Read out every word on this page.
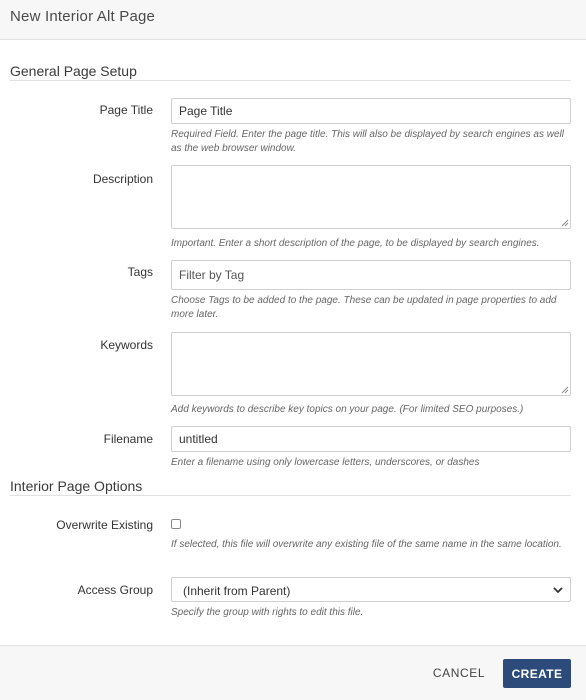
New Interior Alt Page
General Page Setup
Page Title
Page Title
Required Field. Enter the page title. This will also be displayed by search engines as well as the web browser window.
Description
Important. Enter a short description of the page, to be displayed by search engines.
Tags
Filter by Tag
Choose Tags to be added to the page. These can be updated in page properties to add more later.
Keywords
Add keywords to describe key topics on your page. (For limited SEO purposes.)
Filename
untitled
Enter a filename using only lowercase letters, underscores, or dashes
Interior Page Options
Overwrite Existing
If selected, this file will overwrite any existing file of the same name in the same location.
Access Group	(Inherit from Parent)
Specify the group with rights to edit this file.
CANCEL	CREATE
